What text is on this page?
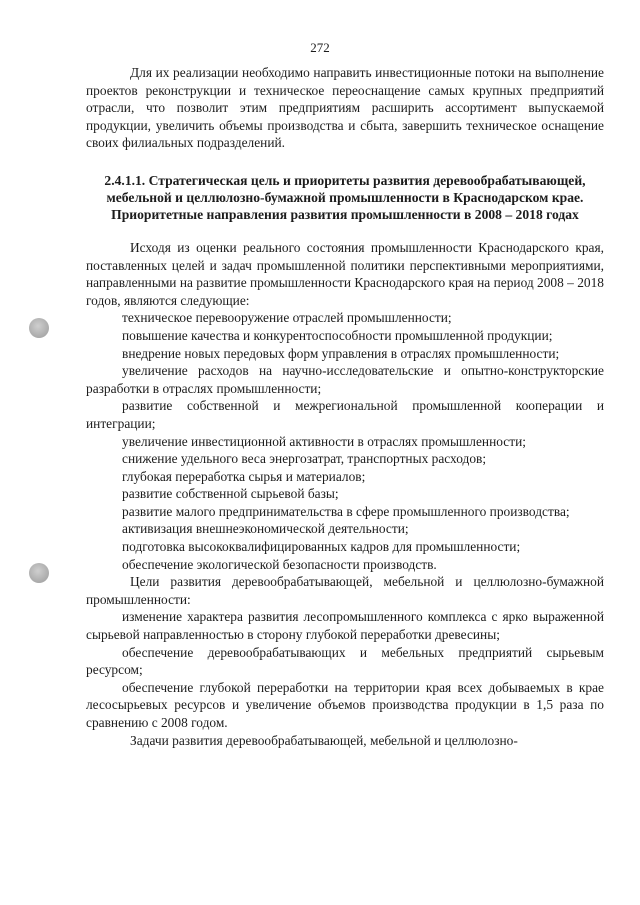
272

Для их реализации необходимо направить инвестиционные потоки на выполнение проектов реконструкции и техническое переоснащение самых крупных предприятий отрасли, что позволит этим предприятиям расширить ассортимент выпускаемой продукции, увеличить объемы производства и сбыта, завершить техническое оснащение своих филиальных подразделений.

2.4.1.1. Стратегическая цель и приоритеты развития деревообрабатывающей, мебельной и целлюлозно-бумажной промышленности в Краснодарском крае. Приоритетные направления развития промышленности в 2008 – 2018 годах

Исходя из оценки реального состояния промышленности Краснодарского края, поставленных целей и задач промышленной политики перспективными мероприятиями, направленными на развитие промышленности Краснодарского края на период 2008 – 2018 годов, являются следующие:

техническое перевооружение отраслей промышленности;

повышение качества и конкурентоспособности промышленной продукции;

внедрение новых передовых форм управления в отраслях промышленности;

увеличение расходов на научно-исследовательские и опытно-конструкторские разработки в отраслях промышленности;

развитие собственной и межрегиональной промышленной кооперации и интеграции;

увеличение инвестиционной активности в отраслях промышленности;

снижение удельного веса энергозатрат, транспортных расходов;

глубокая переработка сырья и материалов;

развитие собственной сырьевой базы;

развитие малого предпринимательства в сфере промышленного производства;

активизация внешнеэкономической деятельности;

подготовка высококвалифицированных кадров для промышленности;

обеспечение экологической безопасности производств.

Цели развития деревообрабатывающей, мебельной и целлюлозно-бумажной промышленности:

изменение характера развития лесопромышленного комплекса с ярко выраженной сырьевой направленностью в сторону глубокой переработки древесины;

обеспечение деревообрабатывающих и мебельных предприятий сырьевым ресурсом;

обеспечение глубокой переработки на территории края всех добываемых в крае лесосырьевых ресурсов и увеличение объемов производства продукции в 1,5 раза по сравнению с 2008 годом.

Задачи развития деревообрабатывающей, мебельной и целлюлозно-
